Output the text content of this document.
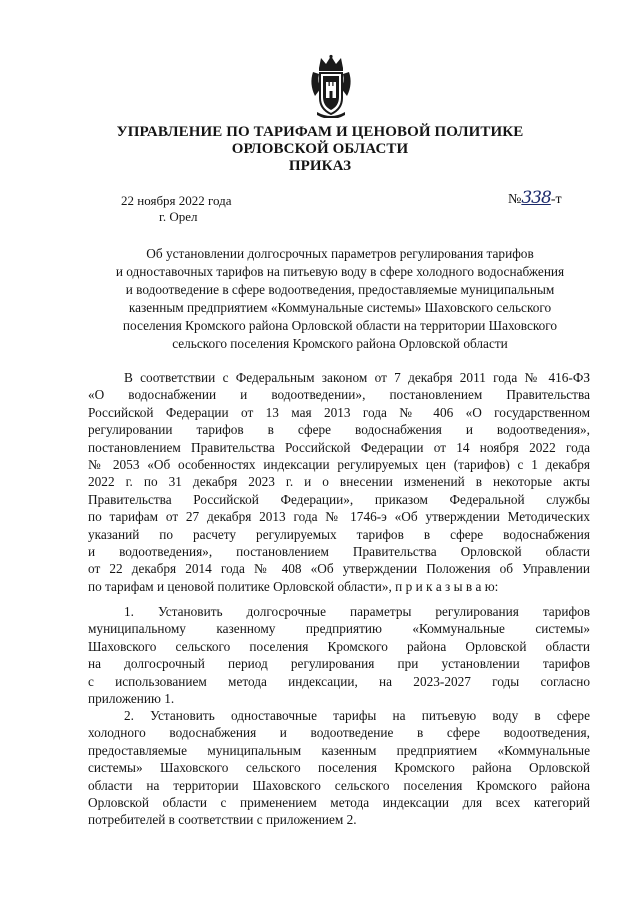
УПРАВЛЕНИЕ ПО ТАРИФАМ И ЦЕНОВОЙ ПОЛИТИКЕ
ОРЛОВСКОЙ ОБЛАСТИ
ПРИКАЗ
22 ноября 2022 года
г. Орел
№338-т
Об установлении долгосрочных параметров регулирования тарифов
и одноставочных тарифов на питьевую воду в сфере холодного водоснабжения
и водоотведение в сфере водоотведения, предоставляемые муниципальным
казенным предприятием «Коммунальные системы» Шаховского сельского
поселения Кромского района Орловской области на территории Шаховского
сельского поселения Кромского района Орловской области
В соответствии с Федеральным законом от 7 декабря 2011 года № 416-ФЗ
«О водоснабжении и водоотведении», постановлением Правительства
Российской Федерации от 13 мая 2013 года № 406 «О государственном
регулировании тарифов в сфере водоснабжения и водоотведения»,
постановлением Правительства Российской Федерации от 14 ноября 2022 года
№ 2053 «Об особенностях индексации регулируемых цен (тарифов) с 1 декабря
2022 г. по 31 декабря 2023 г. и о внесении изменений в некоторые акты
Правительства Российской Федерации», приказом Федеральной службы
по тарифам от 27 декабря 2013 года № 1746-э «Об утверждении Методических
указаний по расчету регулируемых тарифов в сфере водоснабжения
и водоотведения», постановлением Правительства Орловской области
от 22 декабря 2014 года № 408 «Об утверждении Положения об Управлении
по тарифам и ценовой политике Орловской области», п р и к а з ы в а ю:
1. Установить долгосрочные параметры регулирования тарифов
муниципальному казенному предприятию «Коммунальные системы»
Шаховского сельского поселения Кромского района Орловской области
на долгосрочный период регулирования при установлении тарифов
с использованием метода индексации, на 2023-2027 годы согласно
приложению 1.
2. Установить одноставочные тарифы на питьевую воду в сфере
холодного водоснабжения и водоотведение в сфере водоотведения,
предоставляемые муниципальным казенным предприятием «Коммунальные
системы» Шаховского сельского поселения Кромского района Орловской
области на территории Шаховского сельского поселения Кромского района
Орловской области с применением метода индексации для всех категорий
потребителей в соответствии с приложением 2.
